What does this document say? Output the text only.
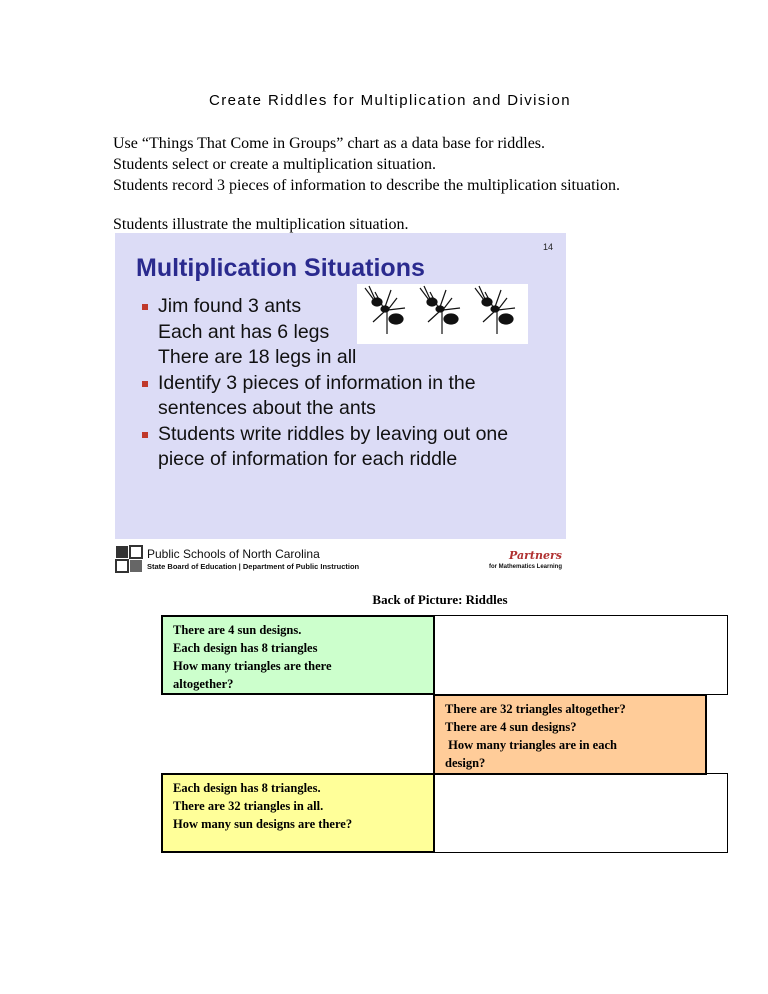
Create Riddles for Multiplication and Division

Use “Things That Come in Groups” chart as a data base for riddles.

Students select or create a multiplication situation.

Students record 3 pieces of information to describe the multiplication situation.

Students illustrate the multiplication situation.

14
Multiplication Situations
Jim found 3 ants
Each ant has 6 legs
There are 18 legs in all
Identify 3 pieces of information in the
sentences about the ants
Students write riddles by leaving out one
piece of information for each riddle
Public Schools of North Carolina
State Board of Education | Department of Public Instruction
Partners
for Mathematics Learning
Back of Picture: Riddles

There are 4 sun designs.

Each design has 8 triangles

How many triangles are there

altogether?

There are 32 triangles altogether?

There are 4 sun designs?

How many triangles are in each

design?

Each design has 8 triangles.

There are 32 triangles in all.

How many sun designs are there?
